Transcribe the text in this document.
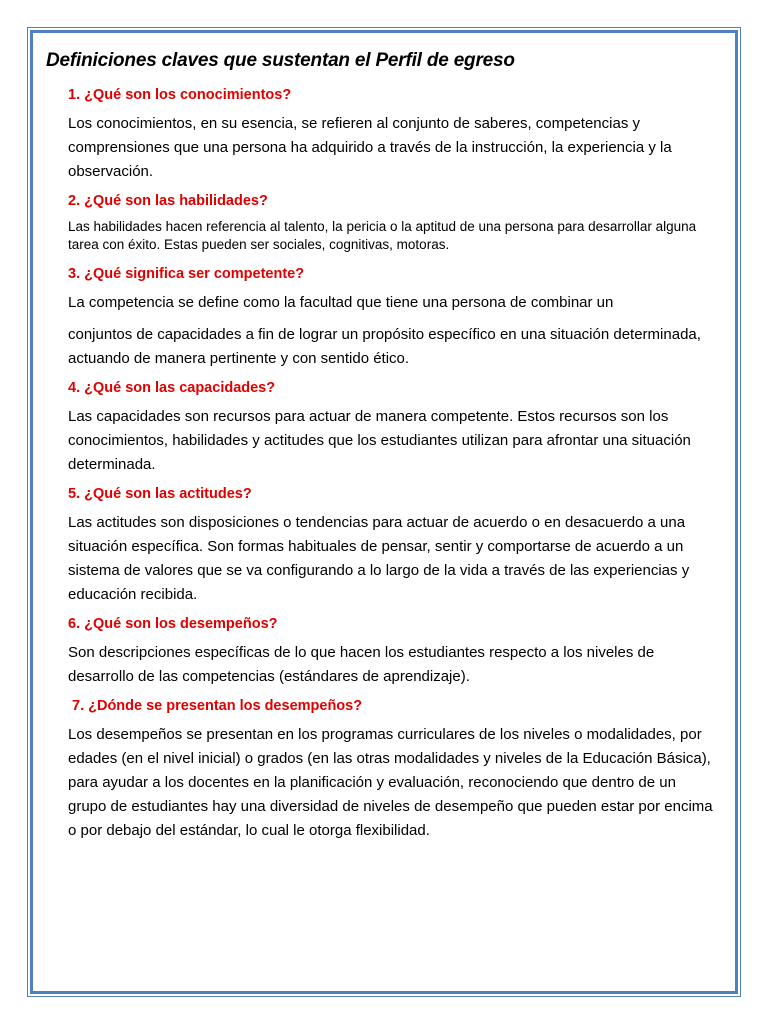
Definiciones claves que sustentan el Perfil de egreso
1. ¿Qué son los conocimientos?

Los conocimientos, en su esencia, se refieren al conjunto de saberes, competencias y comprensiones que una persona ha adquirido a través de la instrucción, la experiencia y la observación.

2. ¿Qué son las habilidades?

Las habilidades hacen referencia al talento, la pericia o la aptitud de una persona para desarrollar alguna tarea con éxito. Estas pueden ser sociales, cognitivas, motoras.

3. ¿Qué significa ser competente?

La competencia se define como la facultad que tiene una persona de combinar un

conjuntos de capacidades a fin de lograr un propósito específico en una situación determinada, actuando de manera pertinente y con sentido ético.

4. ¿Qué son las capacidades?

Las capacidades son recursos para actuar de manera competente. Estos recursos son los conocimientos, habilidades y actitudes que los estudiantes utilizan para afrontar una situación determinada.

5. ¿Qué son las actitudes?

Las actitudes son disposiciones o tendencias para actuar de acuerdo o en desacuerdo a una situación específica. Son formas habituales de pensar, sentir y comportarse de acuerdo a un sistema de valores que se va configurando a lo largo de la vida a través de las experiencias y educación recibida.

6. ¿Qué son los desempeños?

Son descripciones específicas de lo que hacen los estudiantes respecto a los niveles de desarrollo de las competencias (estándares de aprendizaje).

7. ¿Dónde se presentan los desempeños?

Los desempeños se presentan en los programas curriculares de los niveles o modalidades, por edades (en el nivel inicial) o grados (en las otras modalidades y niveles de la Educación Básica), para ayudar a los docentes en la planificación y evaluación, reconociendo que dentro de un grupo de estudiantes hay una diversidad de niveles de desempeño que pueden estar por encima o por debajo del estándar, lo cual le otorga flexibilidad.
